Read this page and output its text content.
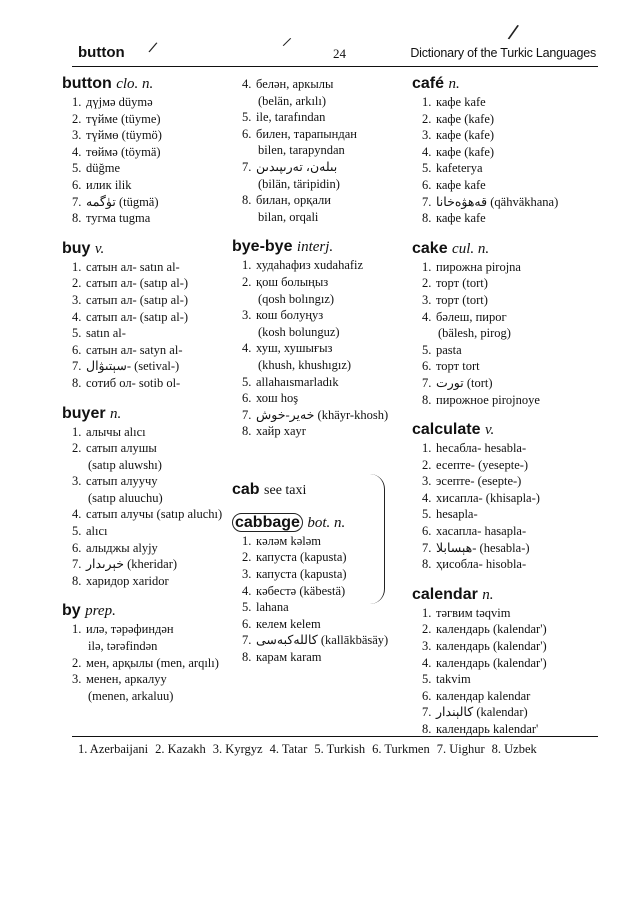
button	24	Dictionary of the Turkic Languages
/	/	/
button clo. n.
1. дүјмә düymə
2. түйме (tüyme)
3. түймө (tüymö)
4. төймә (töymä)
5. düğme
6. илик ilik
7. تۈگمە (tügmä)
8. тугма tugma
buy v.
1. сатын ал- satın al-
2. сатып ал- (satıp al-)
3. сатып ал- (satıp al-)
4. сатып ал- (satıp al-)
5. satın al-
6. сатын ал- satyn al-
7. سېتىۋال- (setival-)
8. сотиб ол- sotib ol-
buyer n.
1. алычы alıcı
2. сатып алушы
(satıp aluwshı)
3. сатып алуучу
(satıp aluuchu)
4. сатып алучы (satıp aluchı)
5. alıcı
6. алыджы alyjy
7. خېرىدار (kheridar)
8. харидор xaridor
by prep.
1. илә, тәрәфиндән
ilə, tərəfindən
2. мен, арқылы (men, arqılı)
3. менен, аркалуу
(menen, arkaluu)
4. белән, аркылы
(belän, arkılı)
5. ile, tarafından
6. билен, тарапындан
bilen, tarapyndan
7. بىلەن، تەرىپىدىن
(bilän, täripidin)
8. билан, орқали
bilan, orqali
bye-bye interj.
1. худаһафиз xudahafiz
2. қош болыңыз
(qosh bolıngız)
3. кош болуңуз
(kosh bolunguz)
4. хуш, хушығыз
(khush, khushıgız)
5. allahaısmarladık
6. хош hoş
7. خەير-خوش (khäyr-khosh)
8. хайр xayr
cab see taxi
cabbage bot. n.
1. кәләм kələm
2. капуста (kapusta)
3. капуста (kapusta)
4. кәбестә (käbestä)
5. lahana
6. келем kelem
7. كاللەكبەسى (kallākbäsäy)
8. карам karam
café n.
1. кафе kafe
2. кафе (kafe)
3. кафе (kafe)
4. кафе (kafe)
5. kafeterya
6. кафе kafe
7. قەھۋەخانا (qähväkhana)
8. кафе kafe
cake cul. n.
1. пирожна pirojna
2. торт (tort)
3. торт (tort)
4. бәлеш, пирог
(bälesh, pirog)
5. pasta
6. торт tort
7. تورت (tort)
8. пирожное pirojnoye
calculate v.
1. һесабла- hesabla-
2. есепте- (yesepte-)
3. эсепте- (esepte-)
4. хисапла- (khisapla-)
5. hesapla-
6. хасапла- hasapla-
7. ھېسابلا- (hesabla-)
8. ҳисобла- hisobla-
calendar n.
1. тәгвим təqvim
2. календарь (kalendar')
3. календарь (kalendar')
4. календарь (kalendar')
5. takvim
6. календар kalendar
7. كالېندار (kalendar)
8. календарь kalendar'
1. Azerbaijani 2. Kazakh 3. Kyrgyz 4. Tatar 5. Turkish 6. Turkmen 7. Uighur 8. Uzbek
